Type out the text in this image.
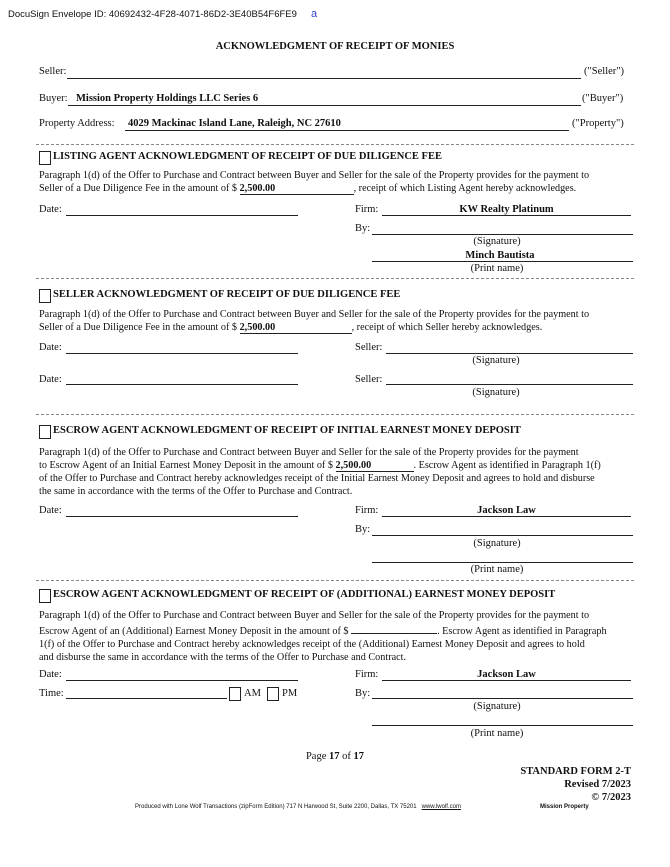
DocuSign Envelope ID: 40692432-4F28-4071-86D2-3E40B54F6FE9 a
ACKNOWLEDGMENT OF RECEIPT OF MONIES
Seller:	("Seller")
Buyer: Mission Property Holdings LLC Series 6	("Buyer")
Property Address: 4029 Mackinac Island Lane, Raleigh, NC 27610	("Property")
LISTING AGENT ACKNOWLEDGMENT OF RECEIPT OF DUE DILIGENCE FEE
Paragraph 1(d) of the Offer to Purchase and Contract between Buyer and Seller for the sale of the Property provides for the payment to
Seller of a Due Diligence Fee in the amount of $ 2,500.00	, receipt of which Listing Agent hereby acknowledges.
Date:	Firm:	KW Realty Platinum
By:
(Signature)
Minch Bautista
(Print name)
SELLER ACKNOWLEDGMENT OF RECEIPT OF DUE DILIGENCE FEE
Paragraph 1(d) of the Offer to Purchase and Contract between Buyer and Seller for the sale of the Property provides for the payment to
Seller of a Due Diligence Fee in the amount of $ 2,500.00	, receipt of which Seller hereby acknowledges.
Date:	Seller:
(Signature)
Date:	Seller:
(Signature)
ESCROW AGENT ACKNOWLEDGMENT OF RECEIPT OF INITIAL EARNEST MONEY DEPOSIT
Paragraph 1(d) of the Offer to Purchase and Contract between Buyer and Seller for the sale of the Property provides for the payment
to Escrow Agent of an Initial Earnest Money Deposit in the amount of $ 2,500.00	. Escrow Agent as identified in Paragraph 1(f)
of the Offer to Purchase and Contract hereby acknowledges receipt of the Initial Earnest Money Deposit and agrees to hold and disburse
the same in accordance with the terms of the Offer to Purchase and Contract.
Date:	Firm:	Jackson Law
By:
(Signature)
(Print name)
ESCROW AGENT ACKNOWLEDGMENT OF RECEIPT OF (ADDITIONAL) EARNEST MONEY DEPOSIT
Paragraph 1(d) of the Offer to Purchase and Contract between Buyer and Seller for the sale of the Property provides for the payment to
Escrow Agent of an (Additional) Earnest Money Deposit in the amount of $	. Escrow Agent as identified in Paragraph
1(f) of the Offer to Purchase and Contract hereby acknowledges receipt of the (Additional) Earnest Money Deposit and agrees to hold
and disburse the same in accordance with the terms of the Offer to Purchase and Contract.
Date:
Time:	AM PM
Firm:	Jackson Law
By:
(Signature)
(Print name)
Page 17 of 17
STANDARD FORM 2-T
Revised 7/2023
© 7/2023
Produced with Lone Wolf Transactions (zipForm Edition) 717 N Harwood St, Suite 2200, Dallas, TX 75201 www.lwolf.com	Mission Property
